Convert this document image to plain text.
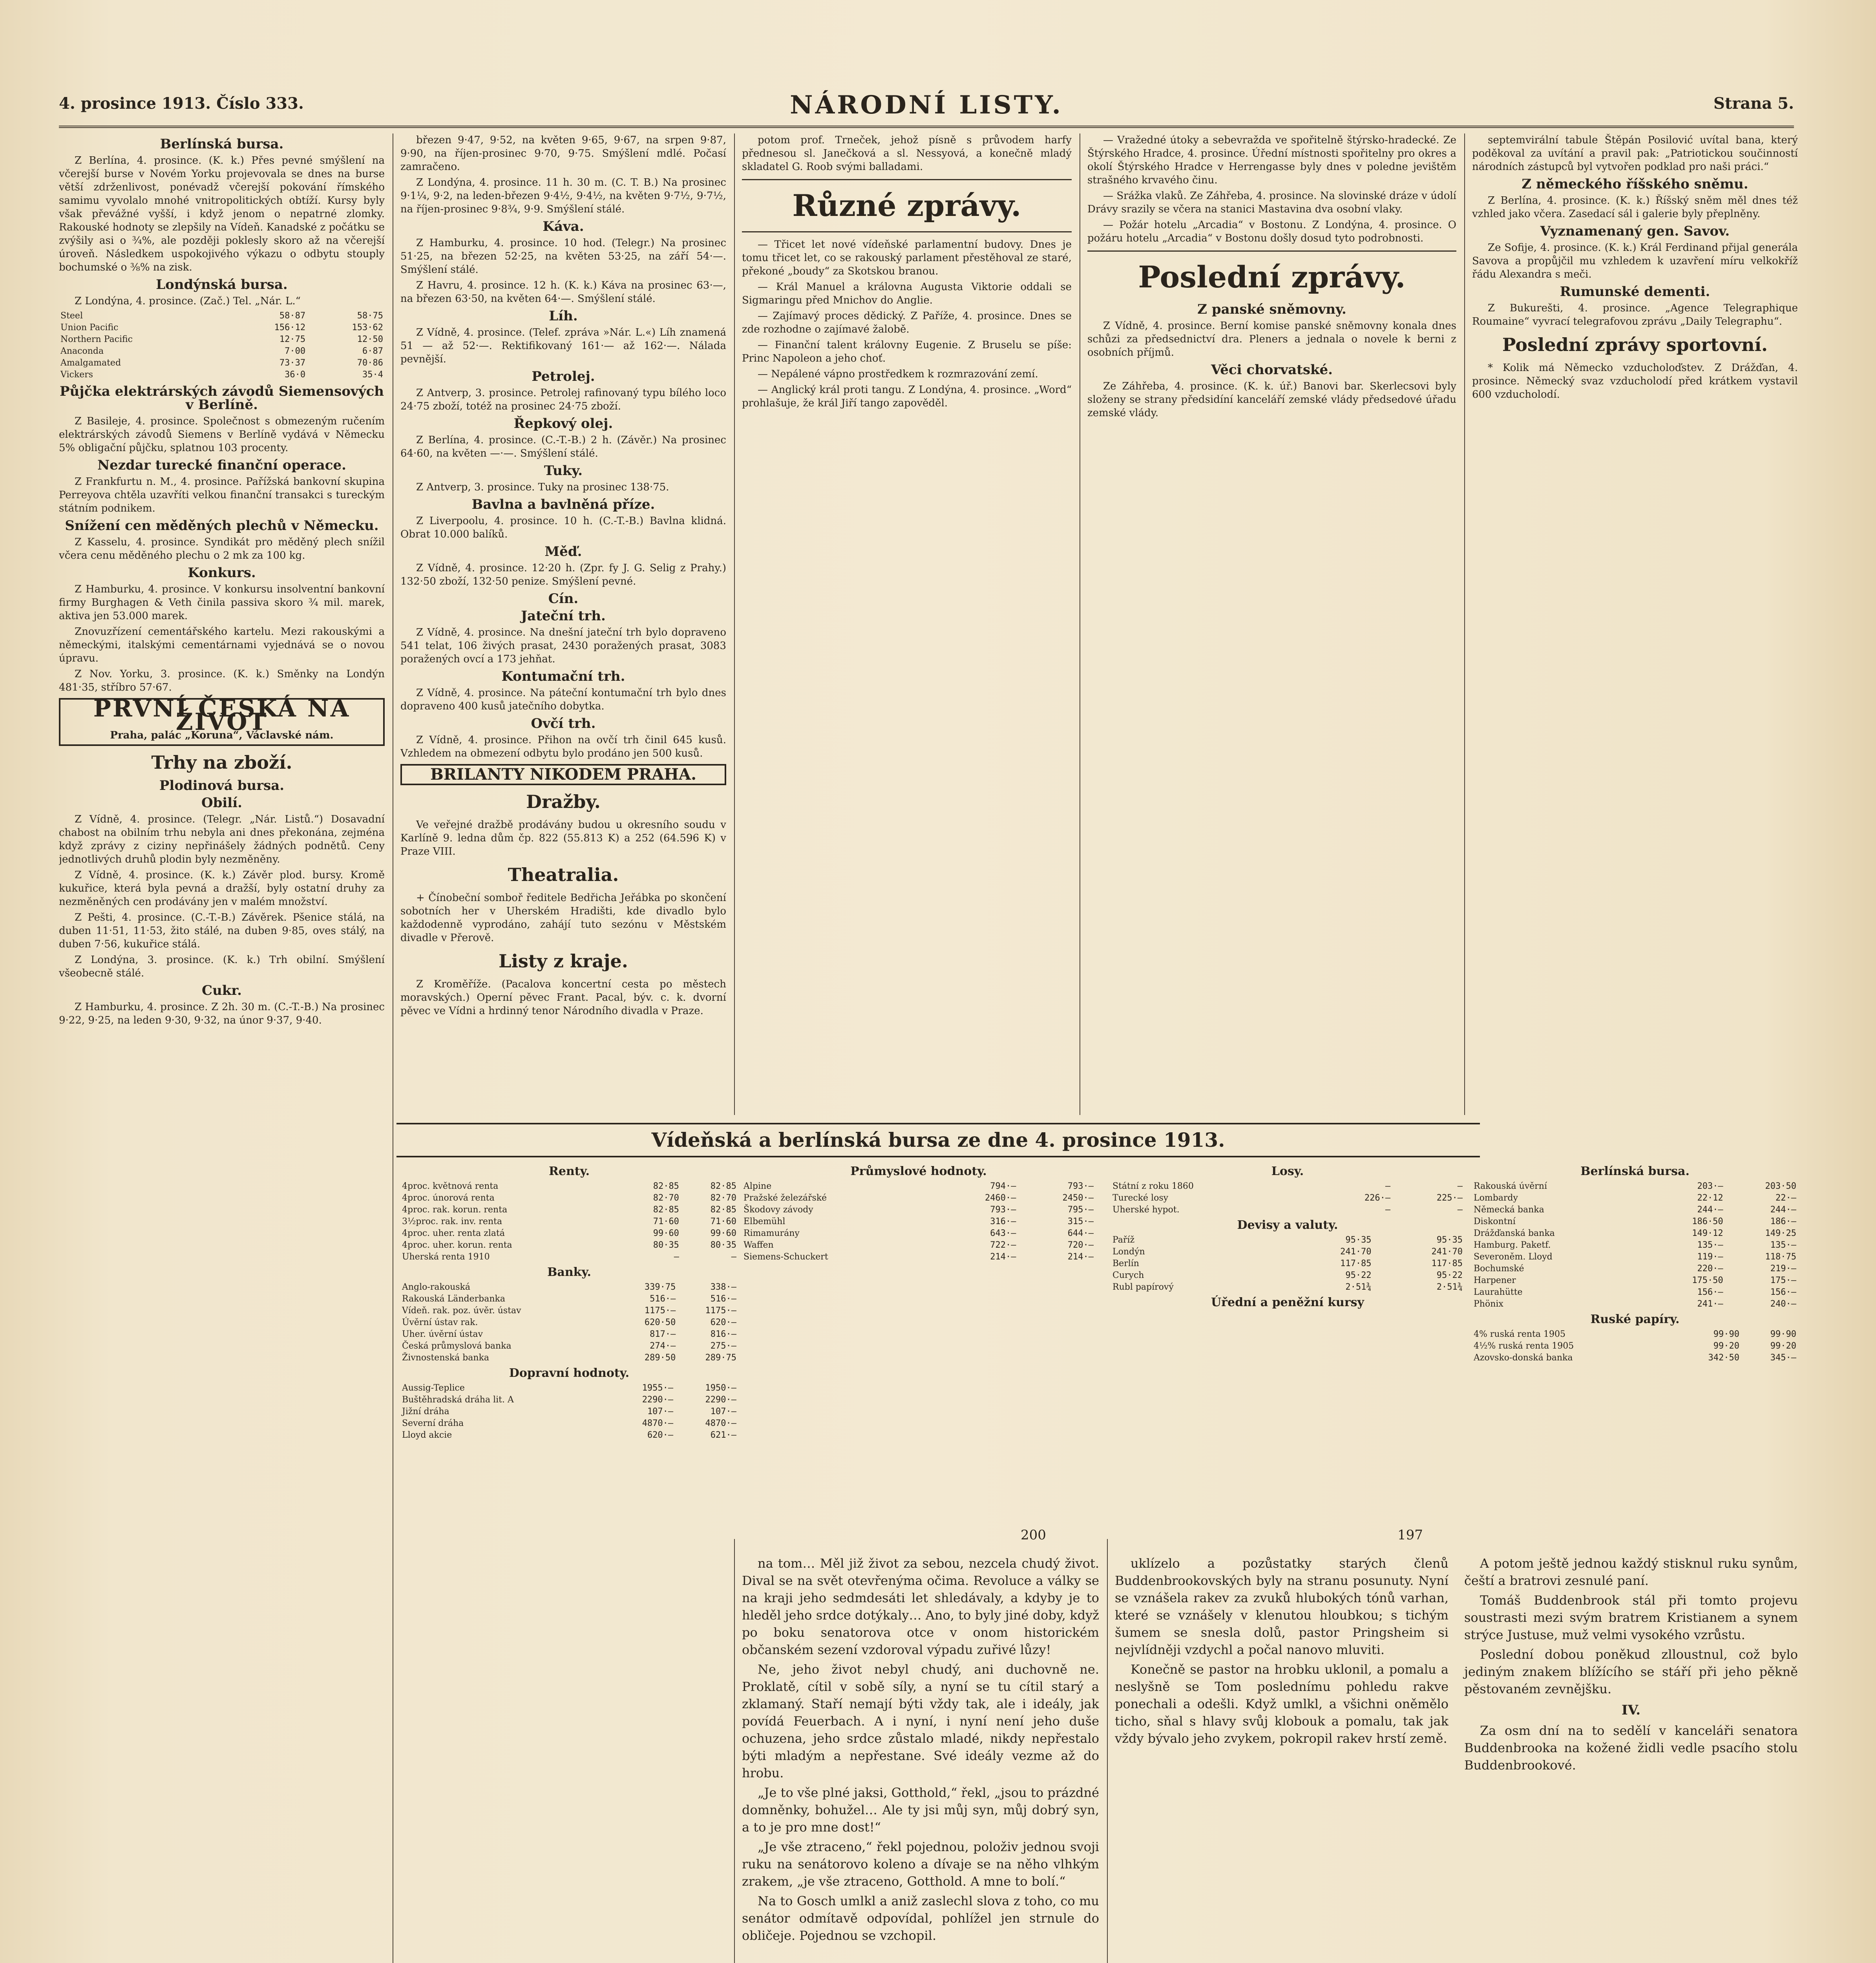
4. prosince 1913. Číslo 333.	NÁRODNÍ LISTY.	Strana 5.
Berlínská bursa.

Z Berlína, 4. prosince. (K. k.) Přes pevné smýšlení na včerejší burse v Novém Yorku projevovala se dnes na burse větší zdrženlivost, ponévadž včerejší pokování římského samimu vyvolalo mnohé vnitropolitických obtíží. Kursy byly však převážné vyšší, i když jenom o nepatrné zlomky. Rakouské hodnoty se zlepšily na Vídeň. Kanadské z počátku se zvýšily asi o ¾%, ale později poklesly skoro až na včerejší úroveň. Následkem uspokojivého výkazu o odbytu stouply bochumské o ⅜% na zisk.

Londýnská bursa.

Z Londýna, 4. prosince. (Zač.) Tel. „Nár. L.“

Steel	58·87	58·75
Union Pacific	156·12	153·62
Northern Pacific	12·75	12·50
Anaconda	7·00	6·87
Amalgamated	73·37	70·86
Vickers	36·0	35·4
Půjčka elektrárských závodů Siemensových v Berlíně.

Z Basileje, 4. prosince. Společnost s obmezeným ručením elektrárských závodů Siemens v Berlíně vydává v Německu 5% obligační půjčku, splatnou 103 procenty.

Nezdar turecké finanční operace.

Z Frankfurtu n. M., 4. prosince. Pařížská bankovní skupina Perreyova chtěla uzavříti velkou finanční transakci s tureckým státním podnikem.

Snížení cen měděných plechů v Německu.

Z Kasselu, 4. prosince. Syndikát pro měděný plech snížil včera cenu měděného plechu o 2 mk za 100 kg.

Konkurs.

Z Hamburku, 4. prosince. V konkursu insolventní bankovní firmy Burghagen & Veth činila passiva skoro ¾ mil. marek, aktiva jen 53.000 marek.

Znovuzřízení cementářského kartelu. Mezi rakouskými a německými, italskými cementárnami vyjednává se o novou úpravu.

Z Nov. Yorku, 3. prosince. (K. k.) Směnky na Londýn 481·35, stříbro 57·67.

PRVNÍ ČESKÁ NA ŽIVOT
Praha, palác „Koruna“, Václavské nám.
Trhy na zboží.
Plodinová bursa.
Obilí.

Z Vídně, 4. prosince. (Telegr. „Nár. Listů.“) Dosavadní chabost na obilním trhu nebyla ani dnes překonána, zejména když zprávy z ciziny nepřinášely žádných podnětů. Ceny jednotlivých druhů plodin byly nezměněny.

Z Vídně, 4. prosince. (K. k.) Závěr plod. bursy. Kromě kukuřice, která byla pevná a dražší, byly ostatní druhy za nezměněných cen prodávány jen v malém množství.

Z Pešti, 4. prosince. (C.-T.-B.) Závěrek. Pšenice stálá, na duben 11·51, 11·53, žito stálé, na duben 9·85, oves stálý, na duben 7·56, kukuřice stálá.

Z Londýna, 3. prosince. (K. k.) Trh obilní. Smýšlení všeobecně stálé.

Cukr.

Z Hamburku, 4. prosince. Z 2h. 30 m. (C.-T.-B.) Na prosinec 9·22, 9·25, na leden 9·30, 9·32, na únor 9·37, 9·40.

březen 9·47, 9·52, na květen 9·65, 9·67, na srpen 9·87, 9·90, na říjen-prosinec 9·70, 9·75. Smýšlení mdlé. Počasí zamračeno.

Z Londýna, 4. prosince. 11 h. 30 m. (C. T. B.) Na prosinec 9·1¼, 9·2, na leden-březen 9·4½, 9·4½, na květen 9·7½, 9·7½, na říjen-prosinec 9·8¾, 9·9. Smýšlení stálé.

Káva.

Z Hamburku, 4. prosince. 10 hod. (Telegr.) Na prosinec 51·25, na březen 52·25, na květen 53·25, na září 54·—. Smýšlení stálé.

Z Havru, 4. prosince. 12 h. (K. k.) Káva na prosinec 63·—, na březen 63·50, na květen 64·—. Smýšlení stálé.

Líh.

Z Vídně, 4. prosince. (Telef. zpráva »Nár. L.«) Líh znamená 51 — až 52·—. Rektifikovaný 161·— až 162·—. Nálada pevnější.

Petrolej.

Z Antverp, 3. prosince. Petrolej rafinovaný typu bílého loco 24·75 zboží, totéž na prosinec 24·75 zboží.

Řepkový olej.

Z Berlína, 4. prosince. (C.-T.-B.) 2 h. (Závěr.) Na prosinec 64·60, na květen —·—. Smýšlení stálé.

Tuky.

Z Antverp, 3. prosince. Tuky na prosinec 138·75.

Bavlna a bavlněná příze.

Z Liverpoolu, 4. prosince. 10 h. (C.-T.-B.) Bavlna klidná. Obrat 10.000 balíků.

Měď.

Z Vídně, 4. prosince. 12·20 h. (Zpr. fy J. G. Selig z Prahy.) 132·50 zboží, 132·50 penize. Smýšlení pevné.

Cín.
Jateční trh.

Z Vídně, 4. prosince. Na dnešní jateční trh bylo dopraveno 541 telat, 106 živých prasat, 2430 poražených prasat, 3083 poražených ovcí a 173 jehňat.

Kontumační trh.

Z Vídně, 4. prosince. Na páteční kontumační trh bylo dnes dopraveno 400 kusů jatečního dobytka.

Ovčí trh.

Z Vídně, 4. prosince. Přihon na ovčí trh činil 645 kusů. Vzhledem na obmezení odbytu bylo prodáno jen 500 kusů.

BRILANTY NIKODEM PRAHA.
Dražby.

Ve veřejné dražbě prodávány budou u okresního soudu v Karlíně 9. ledna dům čp. 822 (55.813 K) a 252 (64.596 K) v Praze VIII.

Theatralia.

+ Čínobeční somboř ředitele Bedřicha Jeřábka po skončení sobotních her v Uherském Hradišti, kde divadlo bylo každodenně vyprodáno, zahájí tuto sezónu v Městském divadle v Přerově.

Listy z kraje.

Z Kroměříže. (Pacalova koncertní cesta po městech moravských.) Operní pěvec Frant. Pacal, býv. c. k. dvorní pěvec ve Vídni a hrdinný tenor Národního divadla v Praze.

potom prof. Trneček, jehož písně s průvodem harfy přednesou sl. Janečková a sl. Nessyová, a konečně mladý skladatel G. Roob svými balladami.

Různé zprávy.

— Třicet let nové vídeňské parlamentní budovy. Dnes je tomu třicet let, co se rakouský parlament přestěhoval ze staré, překoné „boudy“ za Skotskou branou.

— Král Manuel a královna Augusta Viktorie oddali se Sigmaringu před Mnichov do Anglie.

— Zajímavý proces dědický. Z Paříže, 4. prosince. Dnes se zde rozhodne o zajímavé žalobě.

— Finanční talent královny Eugenie. Z Bruselu se píše: Princ Napoleon a jeho choť.

— Nepálené vápno prostředkem k rozmrazování zemí.

— Anglický král proti tangu. Z Londýna, 4. prosince. „Word“ prohlašuje, že král Jiří tango zapověděl.

— Vražedné útoky a sebevražda ve spořitelně štýrsko-hradecké. Ze Štýrského Hradce, 4. prosince. Úřední místnosti spořitelny pro okres a okolí Štýrského Hradce v Herrengasse byly dnes v poledne jevištěm strašného krvavého činu.

— Srážka vlaků. Ze Záhřeba, 4. prosince. Na slovinské dráze v údolí Drávy srazily se včera na stanici Mastavina dva osobní vlaky.

— Požár hotelu „Arcadia“ v Bostonu. Z Londýna, 4. prosince. O požáru hotelu „Arcadia“ v Bostonu došly dosud tyto podrobnosti.

Poslední zprávy.
Z panské sněmovny.

Z Vídně, 4. prosince. Berní komise panské sněmovny konala dnes schůzi za předsednictví dra. Pleners a jednala o novele k berni z osobních příjmů.

Věci chorvatské.

Ze Záhřeba, 4. prosince. (K. k. úř.) Banovi bar. Skerlecsovi byly složeny se strany předsidíní kanceláří zemské vlády předsedové úřadu zemské vlády.

septemvirální tabule Štěpán Posilović uvítal bana, který poděkoval za uvítání a pravil pak: „Patriotickou součinností národních zástupců byl vytvořen podklad pro naši práci.“

Z německého říšského sněmu.

Z Berlína, 4. prosince. (K. k.) Říšský sněm měl dnes též vzhled jako včera. Zasedací sál i galerie byly přeplněny.

Vyznamenaný gen. Savov.

Ze Sofije, 4. prosince. (K. k.) Král Ferdinand přijal generála Savova a propůjčil mu vzhledem k uzavření míru velkokříž řádu Alexandra s meči.

Rumunské dementi.

Z Bukurešti, 4. prosince. „Agence Telegraphique Roumaine“ vyvrací telegrafovou zprávu „Daily Telegraphu“.

Poslední zprávy sportovní.

* Kolik má Německo vzducholoďstev. Z Drážďan, 4. prosince. Německý svaz vzducholodí před krátkem vystavil 600 vzducholodí.

Vídeňská a berlínská bursa ze dne 4. prosince 1913.
Renty.
4proc. květnová renta	82·85	82·85
4proc. únorová renta	82·70	82·70
4proc. rak. korun. renta	82·85	82·85
3½proc. rak. inv. renta	71·60	71·60
4proc. uher. renta zlatá	99·60	99·60
4proc. uher. korun. renta	80·35	80·35
Uherská renta 1910	—	—
Banky.
Anglo-rakouská	339·75	338·—
Rakouská Länderbanka	516·—	516·—
Vídeň. rak. poz. úvěr. ústav	1175·—	1175·—
Úvěrní ústav rak.	620·50	620·—
Uher. úvěrní ústav	817·—	816·—
Česká průmyslová banka	274·—	275·—
Živnostenská banka	289·50	289·75
Dopravní hodnoty.
Aussig-Teplice	1955·—	1950·—
Buštěhradská dráha lit. A	2290·—	2290·—
Jižní dráha	107·—	107·—
Severní dráha	4870·—	4870·—
Lloyd akcie	620·—	621·—
Průmyslové hodnoty.
Alpine	794·—	793·—
Pražské železářské	2460·—	2450·—
Škodovy závody	793·—	795·—
Elbemühl	316·—	315·—
Rimamurány	643·—	644·—
Waffen	722·—	720·—
Siemens-Schuckert	214·—	214·—
Losy.
Státní z roku 1860	—	—
Turecké losy	226·—	225·—
Uherské hypot.	—	—
Devisy a valuty.
Paříž	95·35	95·35
Londýn	241·70	241·70
Berlín	117·85	117·85
Curych	95·22	95·22
Rubl papírový	2·51¾	2·51¾
Úřední a peněžní kursy
Berlínská bursa.
Rakouská úvěrní	203·—	203·50
Lombardy	22·12	22·—
Německá banka	244·—	244·—
Diskontní	186·50	186·—
Drážďanská banka	149·12	149·25
Hamburg. Paketf.	135·—	135·—
Severoněm. Lloyd	119·—	118·75
Bochumské	220·—	219·—
Harpener	175·50	175·—
Laurahütte	156·—	156·—
Phönix	241·—	240·—
Ruské papíry.
4% ruská renta 1905	99·90	99·90
4½% ruská renta 1905	99·20	99·20
Azovsko-donská banka	342·50	345·—
200	197

na tom… Měl již život za sebou, nezcela chudý život. Dival se na svět otevřenýma očima. Revoluce a války se na kraji jeho sedmdesáti let shledávaly, a kdyby je to hleděl jeho srdce dotýkaly… Ano, to byly jiné doby, když po boku senatorova otce v onom historickém občanském sezení vzdoroval výpadu zuřivé lůzy!

Ne, jeho život nebyl chudý, ani duchovně ne. Proklatě, cítil v sobě síly, a nyní se tu cítil starý a zklamaný. Staří nemají býti vždy tak, ale i ideály, jak povídá Feuerbach. A i nyní, i nyní není jeho duše ochuzena, jeho srdce zůstalo mladé, nikdy nepřestalo býti mladým a nepřestane. Své ideály vezme až do hrobu.

„Je to vše plné jaksi, Gotthold,“ řekl, „jsou to prázdné domněnky, bohužel… Ale ty jsi můj syn, můj dobrý syn, a to je pro mne dost!“

„Je vše ztraceno,“ řekl pojednou, položiv jednou svoji ruku na senátorovo koleno a dívaje se na něho vlhkým zrakem, „je vše ztraceno, Gotthold. A mne to bolí.“

Na to Gosch umlkl a aniž zaslechl slova z toho, co mu senátor odmítavě odpovídal, pohlížel jen strnule do obličeje. Pojednou se vzchopil.

uklízelo a pozůstatky starých členů Buddenbrookovských byly na stranu posunuty. Nyní se vznášela rakev za zvuků hlubokých tónů varhan, které se vznášely v klenutou hloubkou; s tichým šumem se snesla dolů, pastor Pringsheim si nejvlídněji vzdychl a počal nanovo mluviti.

Konečně se pastor na hrobku uklonil, a pomalu a neslyšně se Tom poslednímu pohledu rakve ponechali a odešli. Když umlkl, a všichni oněmělo ticho, sňal s hlavy svůj klobouk a pomalu, tak jak vždy bývalo jeho zvykem, pokropil rakev hrstí země.

A potom ještě jednou každý stisknul ruku synům, čeští a bratrovi zesnulé paní.

Tomáš Buddenbrook stál při tomto projevu soustrasti mezi svým bratrem Kristianem a synem strýce Justuse, muž velmi vysokého vzrůstu.

Poslední dobou poněkud zlloustnul, což bylo jediným znakem blížícího se stáří při jeho pěkně pěstovaném zevnějšku.

IV.

Za osm dní na to sedělí v kanceláři senatora Buddenbrooka na kožené židli vedle psacího stolu Buddenbrookové.
